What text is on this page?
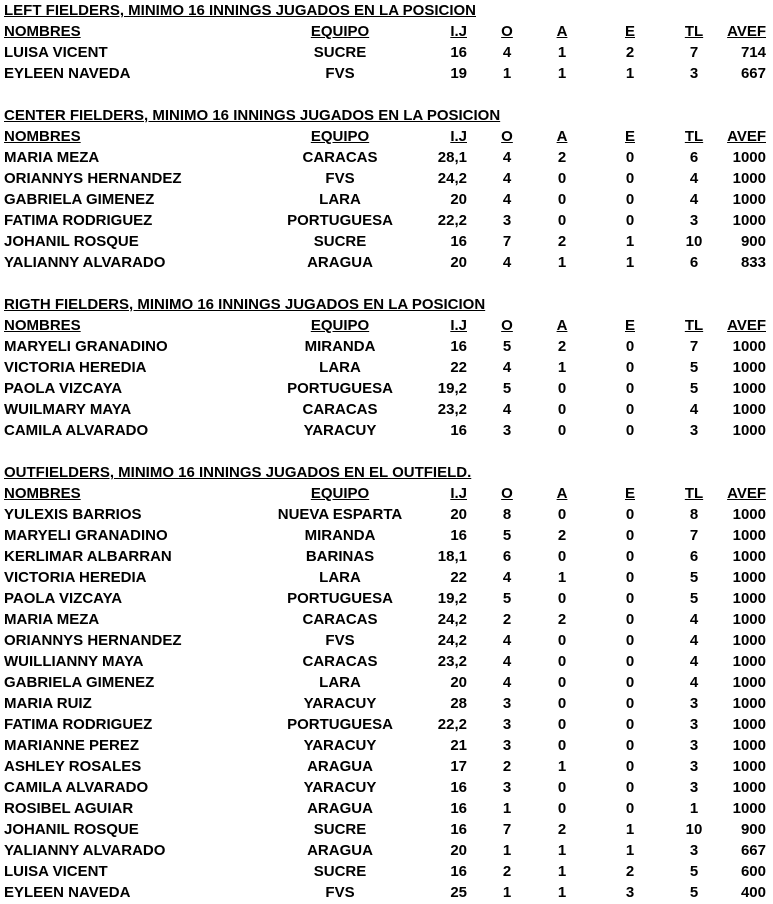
LEFT FIELDERS, MINIMO 16 INNINGS JUGADOS EN LA POSICION
NOMBRES	EQUIPO	I.J	O	A	E	TL	AVEF
LUISA VICENT	SUCRE	16	4	1	2	7	714
EYLEEN NAVEDA	FVS	19	1	1	1	3	667
CENTER FIELDERS, MINIMO 16 INNINGS JUGADOS EN LA POSICION
NOMBRES	EQUIPO	I.J	O	A	E	TL	AVEF
MARIA MEZA	CARACAS	28,1	4	2	0	6	1000
ORIANNYS HERNANDEZ	FVS	24,2	4	0	0	4	1000
GABRIELA GIMENEZ	LARA	20	4	0	0	4	1000
FATIMA RODRIGUEZ	PORTUGUESA	22,2	3	0	0	3	1000
JOHANIL ROSQUE	SUCRE	16	7	2	1	10	900
YALIANNY ALVARADO	ARAGUA	20	4	1	1	6	833
RIGTH FIELDERS, MINIMO 16 INNINGS JUGADOS EN LA POSICION
NOMBRES	EQUIPO	I.J	O	A	E	TL	AVEF
MARYELI GRANADINO	MIRANDA	16	5	2	0	7	1000
VICTORIA HEREDIA	LARA	22	4	1	0	5	1000
PAOLA VIZCAYA	PORTUGUESA	19,2	5	0	0	5	1000
WUILMARY MAYA	CARACAS	23,2	4	0	0	4	1000
CAMILA ALVARADO	YARACUY	16	3	0	0	3	1000
OUTFIELDERS, MINIMO 16 INNINGS JUGADOS EN EL OUTFIELD.
NOMBRES	EQUIPO	I.J	O	A	E	TL	AVEF
YULEXIS BARRIOS	NUEVA ESPARTA	20	8	0	0	8	1000
MARYELI GRANADINO	MIRANDA	16	5	2	0	7	1000
KERLIMAR ALBARRAN	BARINAS	18,1	6	0	0	6	1000
VICTORIA HEREDIA	LARA	22	4	1	0	5	1000
PAOLA VIZCAYA	PORTUGUESA	19,2	5	0	0	5	1000
MARIA MEZA	CARACAS	24,2	2	2	0	4	1000
ORIANNYS HERNANDEZ	FVS	24,2	4	0	0	4	1000
WUILLIANNY MAYA	CARACAS	23,2	4	0	0	4	1000
GABRIELA GIMENEZ	LARA	20	4	0	0	4	1000
MARIA RUIZ	YARACUY	28	3	0	0	3	1000
FATIMA RODRIGUEZ	PORTUGUESA	22,2	3	0	0	3	1000
MARIANNE PEREZ	YARACUY	21	3	0	0	3	1000
ASHLEY ROSALES	ARAGUA	17	2	1	0	3	1000
CAMILA ALVARADO	YARACUY	16	3	0	0	3	1000
ROSIBEL AGUIAR	ARAGUA	16	1	0	0	1	1000
JOHANIL ROSQUE	SUCRE	16	7	2	1	10	900
YALIANNY ALVARADO	ARAGUA	20	1	1	1	3	667
LUISA VICENT	SUCRE	16	2	1	2	5	600
EYLEEN NAVEDA	FVS	25	1	1	3	5	400
